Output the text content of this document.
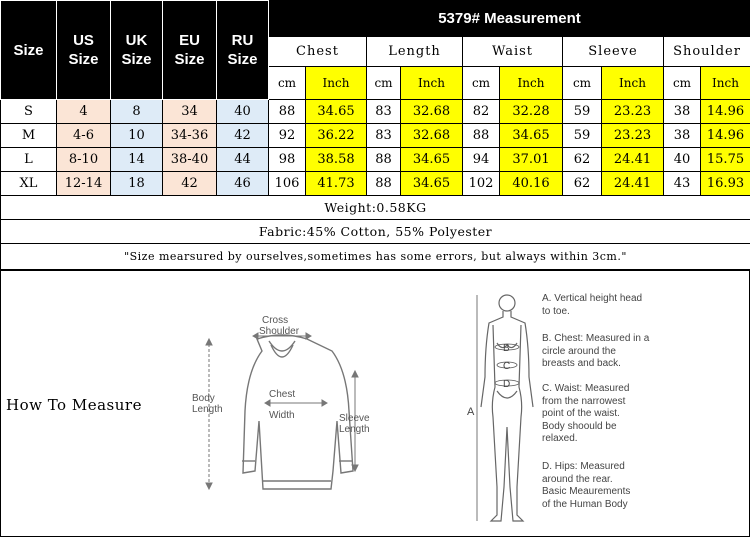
Size	US Size	UK Size	EU Size	RU Size	5379# Measurement									
					Chest		Length		Waist		Sleeve		Shoulder	
					cm	Inch	cm	Inch	cm	Inch	cm	Inch	cm	Inch
S	4	8	34	40	88	34.65	83	32.68	82	32.28	59	23.23	38	14.96
M	4-6	10	34-36	42	92	36.22	83	32.68	88	34.65	59	23.23	38	14.96
L	8-10	14	38-40	44	98	38.58	88	34.65	94	37.01	62	24.41	40	15.75
XL	12-14	18	42	46	106	41.73	88	34.65	102	40.16	62	24.41	43	16.93
Weight:0.58KG														
Fabric:45% Cotton, 55% Polyester														
"Size mearsured by ourselves,sometimes has some errors, but always within 3cm."														
How To Measure
Cross
Shoulder
Body
Length
Chest
Width	Sleeve
Length
A
B
C
D
A. Vertical height head
to toe.
B. Chest: Measured in a
circle around the
breasts and back.
C. Waist: Measured
from the narrowest
point of the waist.
Body shoould be
relaxed.
D. Hips: Measured
around the rear.
Basic Meaurements
of the Human Body
